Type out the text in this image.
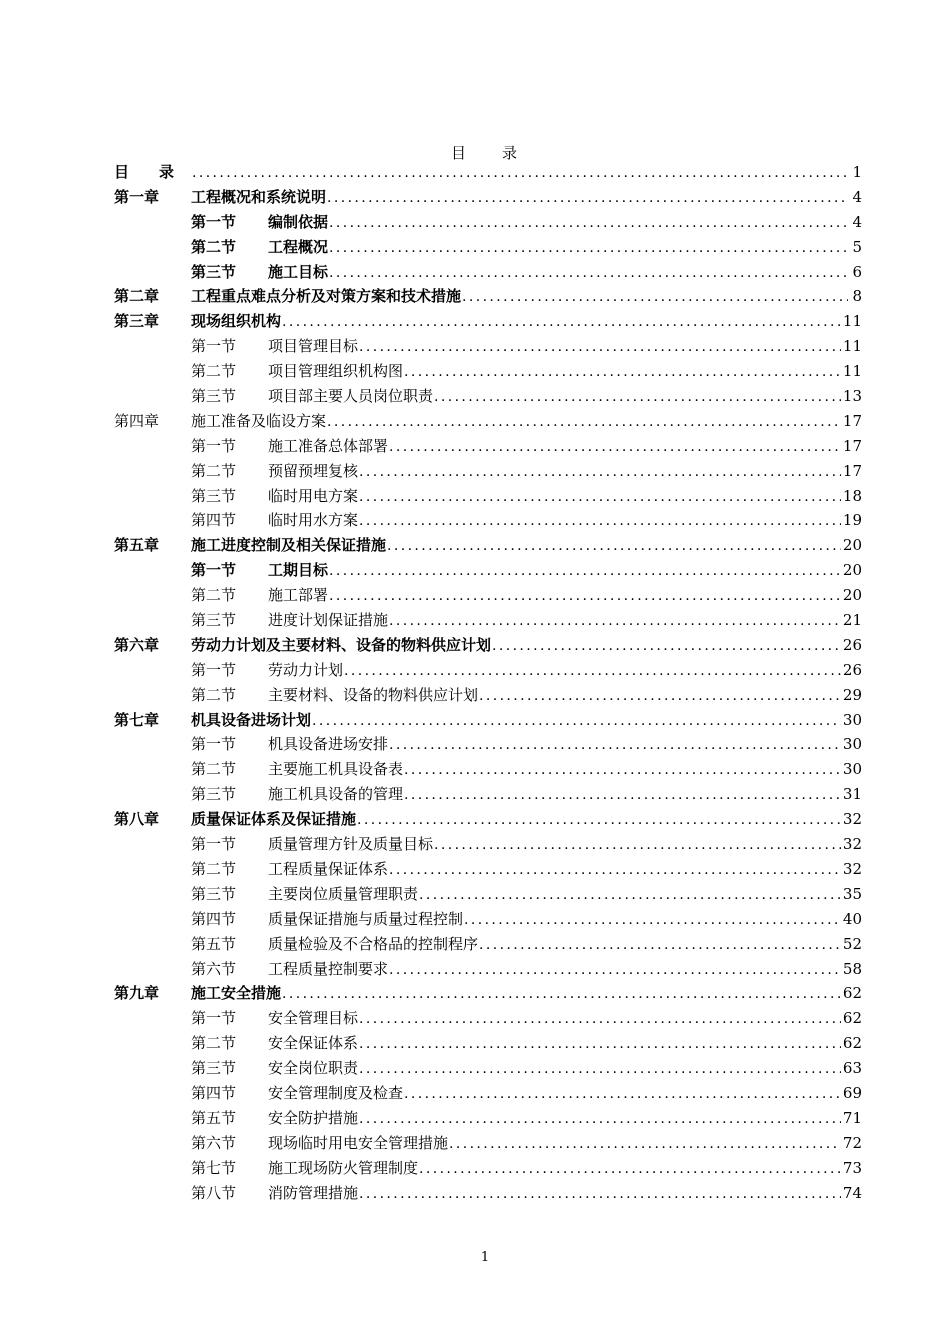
目　　录
目　　录 .....	1
第一章	工程概况和系统说明 .....	4
第一节	编制依据 .....	4
第二节	工程概况 .....	5
第三节	施工目标 .....	6
第二章	工程重点难点分析及对策方案和技术措施 .....	8
第三章	现场组织机构 .....	11
第一节	项目管理目标 .....	11
第二节	项目管理组织机构图 .....	11
第三节	项目部主要人员岗位职责 .....	13
第四章	施工准备及临设方案 .....	17
第一节	施工准备总体部署 .....	17
第二节	预留预埋复核 .....	17
第三节	临时用电方案 .....	18
第四节	临时用水方案 .....	19
第五章	施工进度控制及相关保证措施 .....	20
第一节	工期目标 .....	20
第二节	施工部署 .....	20
第三节	进度计划保证措施 .....	21
第六章	劳动力计划及主要材料、设备的物料供应计划 .....	26
第一节	劳动力计划 .....	26
第二节	主要材料、设备的物料供应计划 .....	29
第七章	机具设备进场计划 .....	30
第一节	机具设备进场安排 .....	30
第二节	主要施工机具设备表 .....	30
第三节	施工机具设备的管理 .....	31
第八章	质量保证体系及保证措施 .....	32
第一节	质量管理方针及质量目标 .....	32
第二节	工程质量保证体系 .....	32
第三节	主要岗位质量管理职责 .....	35
第四节	质量保证措施与质量过程控制 .....	40
第五节	质量检验及不合格品的控制程序 .....	52
第六节	工程质量控制要求 .....	58
第九章	施工安全措施 .....	62
第一节	安全管理目标 .....	62
第二节	安全保证体系 .....	62
第三节	安全岗位职责 .....	63
第四节	安全管理制度及检查 .....	69
第五节	安全防护措施 .....	71
第六节	现场临时用电安全管理措施 .....	72
第七节	施工现场防火管理制度 .....	73
第八节	消防管理措施 .....	74
1
